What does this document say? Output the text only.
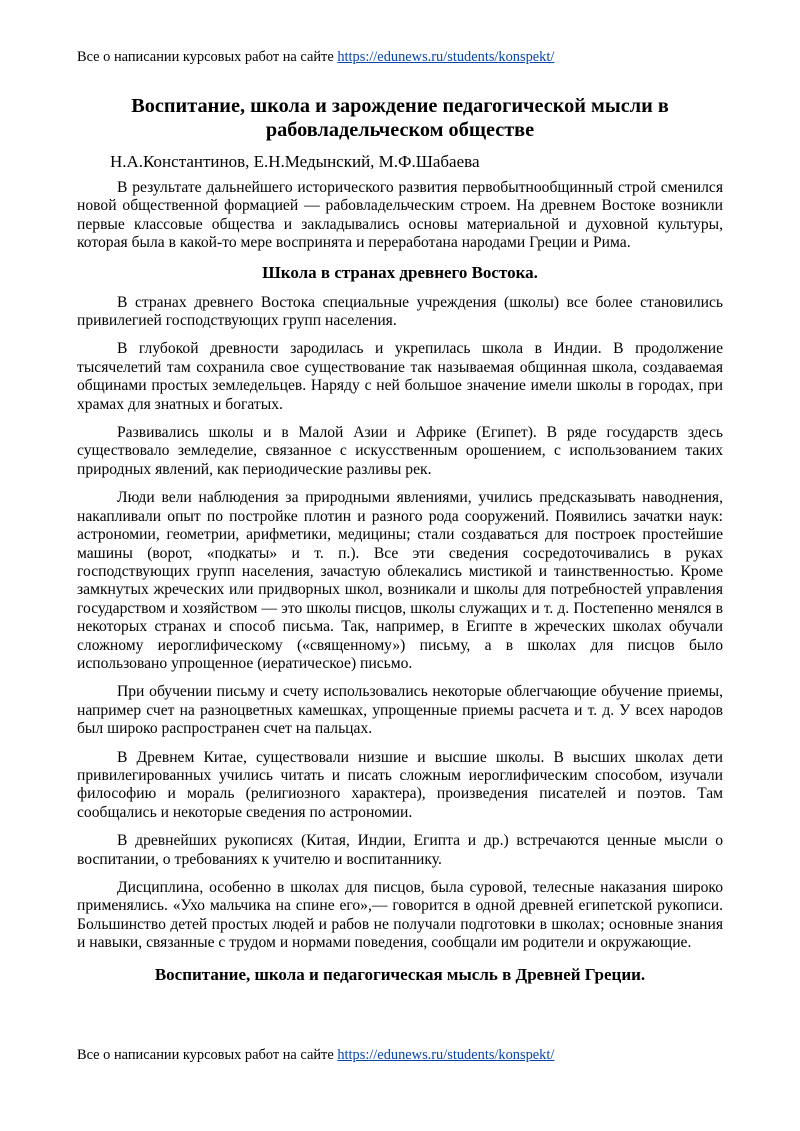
Все о написании курсовых работ на сайте https://edunews.ru/students/konspekt/
Воспитание, школа и зарождение педагогической мысли в рабовладельческом обществе
Н.А.Константинов, Е.Н.Медынский, М.Ф.Шабаева

В результате дальнейшего исторического развития первобытнообщинный строй сменился новой общественной формацией — рабовладельческим строем. На древнем Востоке возникли первые классовые общества и закладывались основы материальной и духовной культуры, которая была в какой-то мере воспринята и переработана народами Греции и Рима.

Школа в странах древнего Востока.

В странах древнего Востока специальные учреждения (школы) все более становились привилегией господствующих групп населения.

В глубокой древности зародилась и укрепилась школа в Индии. В продолжение тысячелетий там сохранила свое существование так называемая общинная школа, создаваемая общинами простых земледельцев. Наряду с ней большое значение имели школы в городах, при храмах для знатных и богатых.

Развивались школы и в Малой Азии и Африке (Египет). В ряде государств здесь существовало земледелие, связанное с искусственным орошением, с использованием таких природных явлений, как периодические разливы рек.

Люди вели наблюдения за природными явлениями, учились предсказывать наводнения, накапливали опыт по постройке плотин и разного рода сооружений. Появились зачатки наук: астрономии, геометрии, арифметики, медицины; стали создаваться для построек простейшие машины (ворот, «подкаты» и т. п.). Все эти сведения сосредоточивались в руках господствующих групп населения, зачастую облекались мистикой и таинственностью. Кроме замкнутых жреческих или придворных школ, возникали и школы для потребностей управления государством и хозяйством — это школы писцов, школы служащих и т. д. Постепенно менялся в некоторых странах и способ письма. Так, например, в Египте в жреческих школах обучали сложному иероглифическому («священному») письму, а в школах для писцов было использовано упрощенное (иератическое) письмо.

При обучении письму и счету использовались некоторые облегчающие обучение приемы, например счет на разноцветных камешках, упрощенные приемы расчета и т. д. У всех народов был широко распространен счет на пальцах.

В Древнем Китае, существовали низшие и высшие школы. В высших школах дети привилегированных учились читать и писать сложным иероглифическим способом, изучали философию и мораль (религиозного характера), произведения писателей и поэтов. Там сообщались и некоторые сведения по астрономии.

В древнейших рукописях (Китая, Индии, Египта и др.) встречаются ценные мысли о воспитании, о требованиях к учителю и воспитаннику.

Дисциплина, особенно в школах для писцов, была суровой, телесные наказания широко применялись. «Ухо мальчика на спине его»,— говорится в одной древней египетской рукописи. Большинство детей простых людей и рабов не получали подготовки в школах; основные знания и навыки, связанные с трудом и нормами поведения, сообщали им родители и окружающие.

Воспитание, школа и педагогическая мысль в Древней Греции.
Все о написании курсовых работ на сайте https://edunews.ru/students/konspekt/
